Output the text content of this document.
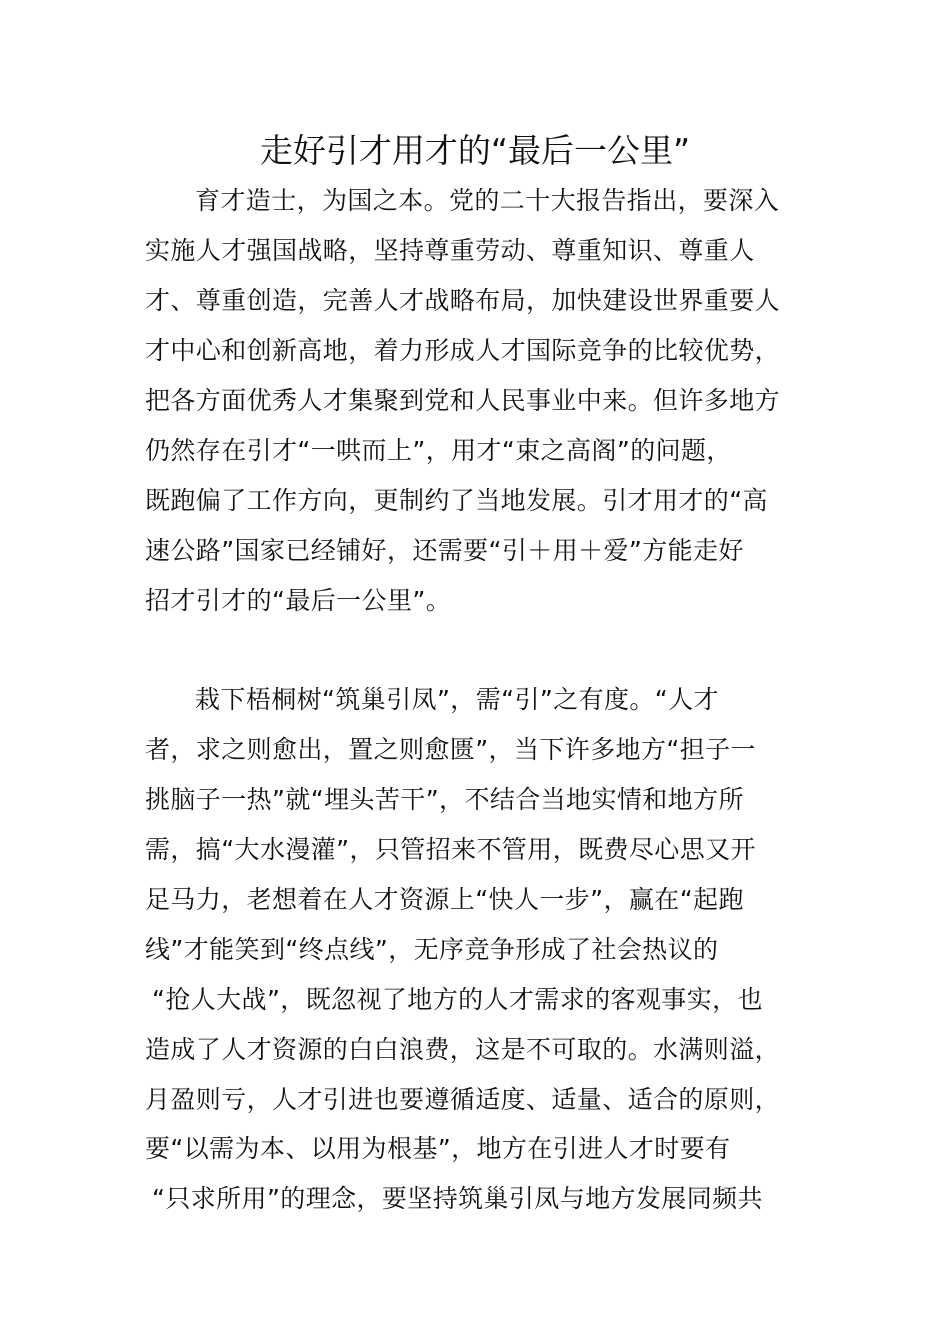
走好引才用才的“最后一公里”
育才造士，为国之本。党的二十大报告指出，要深入
实施人才强国战略，坚持尊重劳动、尊重知识、尊重人
才、尊重创造，完善人才战略布局，加快建设世界重要人
才中心和创新高地，着力形成人才国际竞争的比较优势，
把各方面优秀人才集聚到党和人民事业中来。但许多地方
仍然存在引才“一哄而上”，用才“束之高阁”的问题，
既跑偏了工作方向，更制约了当地发展。引才用才的“高
速公路”国家已经铺好，还需要“引＋用＋爱”方能走好
招才引才的“最后一公里”。
栽下梧桐树“筑巢引凤”，需“引”之有度。“人才
者，求之则愈出，置之则愈匮”，当下许多地方“担子一
挑脑子一热”就“埋头苦干”，不结合当地实情和地方所
需，搞“大水漫灌”，只管招来不管用，既费尽心思又开
足马力，老想着在人才资源上“快人一步”，赢在“起跑
线”才能笑到“终点线”，无序竞争形成了社会热议的
“抢人大战”，既忽视了地方的人才需求的客观事实，也
造成了人才资源的白白浪费，这是不可取的。水满则溢，
月盈则亏，人才引进也要遵循适度、适量、适合的原则，
要“以需为本、以用为根基”，地方在引进人才时要有
“只求所用”的理念，要坚持筑巢引凤与地方发展同频共
